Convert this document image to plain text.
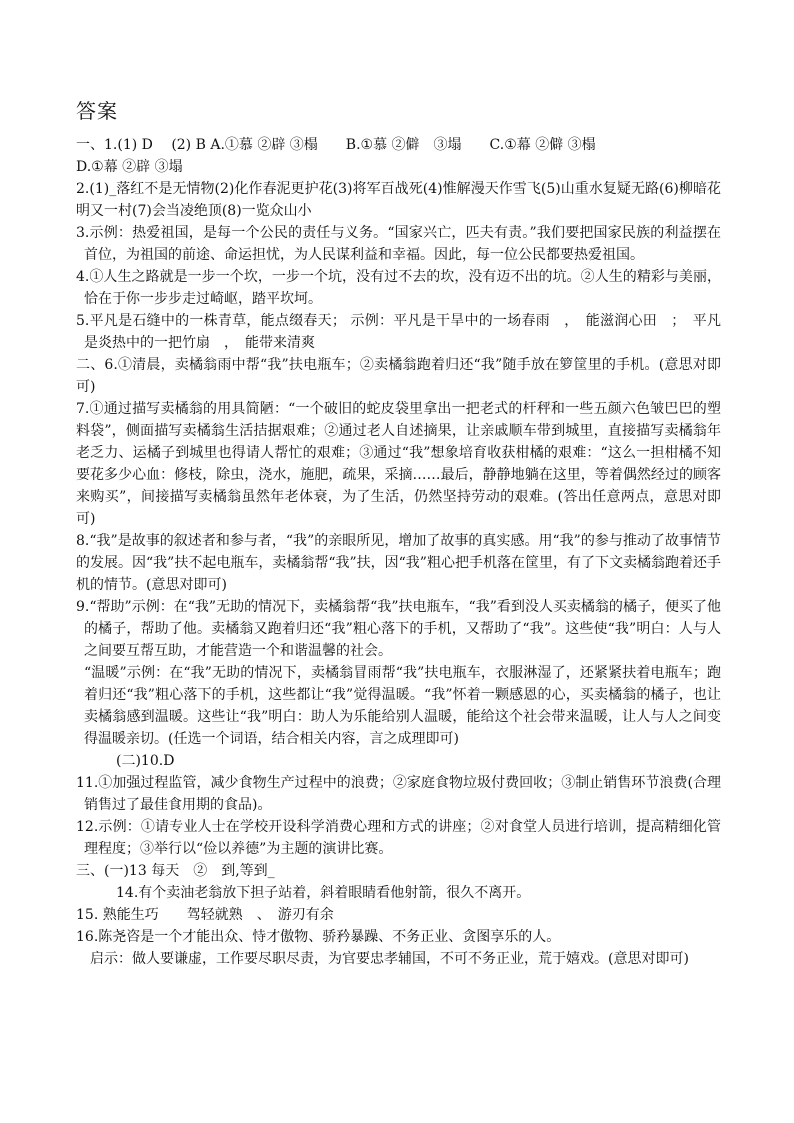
答案

一、1.(1) D　 (2) B A.①慕 ②辟 ③榻　　B.①慕 ②僻　③塌　　C.①幕 ②僻 ③榻

D.①幕 ②辟 ③塌

2.(1)_落红不是无情物(2)化作春泥更护花(3)将军百战死(4)惟解漫天作雪飞(5)山重水复疑无路(6)柳暗花明又一村(7)会当凌绝顶(8)一览众山小

3.示例：热爱祖国，是每一个公民的责任与义务。“国家兴亡，匹夫有责。”我们要把国家民族的利益摆在首位，为祖国的前途、命运担忧，为人民谋利益和幸福。因此，每一位公民都要热爱祖国。

4.①人生之路就是一步一个坎，一步一个坑，没有过不去的坎，没有迈不出的坑。②人生的精彩与美丽，恰在于你一步步走过崎岖，踏平坎坷。

5.平凡是石缝中的一株青草，能点缀春天； 示例：平凡是干旱中的一场春雨　，　能滋润心田　；　平凡是炎热中的一把竹扇　，　能带来清爽

二、6.①清晨，卖橘翁雨中帮“我”扶电瓶车；②卖橘翁跑着归还“我”随手放在箩筐里的手机。(意思对即可)

7.①通过描写卖橘翁的用具简陋：“一个破旧的蛇皮袋里拿出一把老式的杆秤和一些五颜六色皱巴巴的塑料袋”，侧面描写卖橘翁生活拮据艰难；②通过老人自述摘果，让亲戚顺车带到城里，直接描写卖橘翁年老乏力、运橘子到城里也得请人帮忙的艰难；③通过“我”想象培育收获柑橘的艰难：“这么一担柑橘不知要花多少心血：修枝，除虫，浇水，施肥，疏果，采摘……最后，静静地躺在这里，等着偶然经过的顾客来购买”，间接描写卖橘翁虽然年老体衰，为了生活，仍然坚持劳动的艰难。(答出任意两点，意思对即可)

8.“我”是故事的叙述者和参与者，“我”的亲眼所见，增加了故事的真实感。用“我”的参与推动了故事情节的发展。因“我”扶不起电瓶车，卖橘翁帮“我”扶，因“我”粗心把手机落在筐里，有了下文卖橘翁跑着还手机的情节。(意思对即可)

9.“帮助”示例：在“我”无助的情况下，卖橘翁帮“我”扶电瓶车，“我”看到没人买卖橘翁的橘子，便买了他的橘子，帮助了他。卖橘翁又跑着归还“我”粗心落下的手机，又帮助了“我”。这些使“我”明白：人与人之间要互帮互助，才能营造一个和谐温馨的社会。

“温暖”示例：在“我”无助的情况下，卖橘翁冒雨帮“我”扶电瓶车，衣服淋湿了，还紧紧扶着电瓶车；跑着归还“我”粗心落下的手机，这些都让“我”觉得温暖。“我”怀着一颗感恩的心，买卖橘翁的橘子，也让卖橘翁感到温暖。这些让“我”明白：助人为乐能给别人温暖，能给这个社会带来温暖，让人与人之间变得温暖亲切。(任选一个词语，结合相关内容，言之成理即可)

(二)10.D

11.①加强过程监管，减少食物生产过程中的浪费；②家庭食物垃圾付费回收；③制止销售环节浪费(合理销售过了最佳食用期的食品)。

12.示例：①请专业人士在学校开设科学消费心理和方式的讲座；②对食堂人员进行培训，提高精细化管理程度；③举行以“俭以养德”为主题的演讲比赛。

三、(一)13 每天　②　到,等到_

14.有个卖油老翁放下担子站着，斜着眼睛看他射箭，很久不离开。

15. 熟能生巧　　驾轻就熟　、　游刃有余

16.陈尧咨是一个才能出众、恃才傲物、骄矜暴躁、不务正业、贪图享乐的人。

启示：做人要谦虚，工作要尽职尽责，为官要忠孝辅国，不可不务正业，荒于嬉戏。(意思对即可)
